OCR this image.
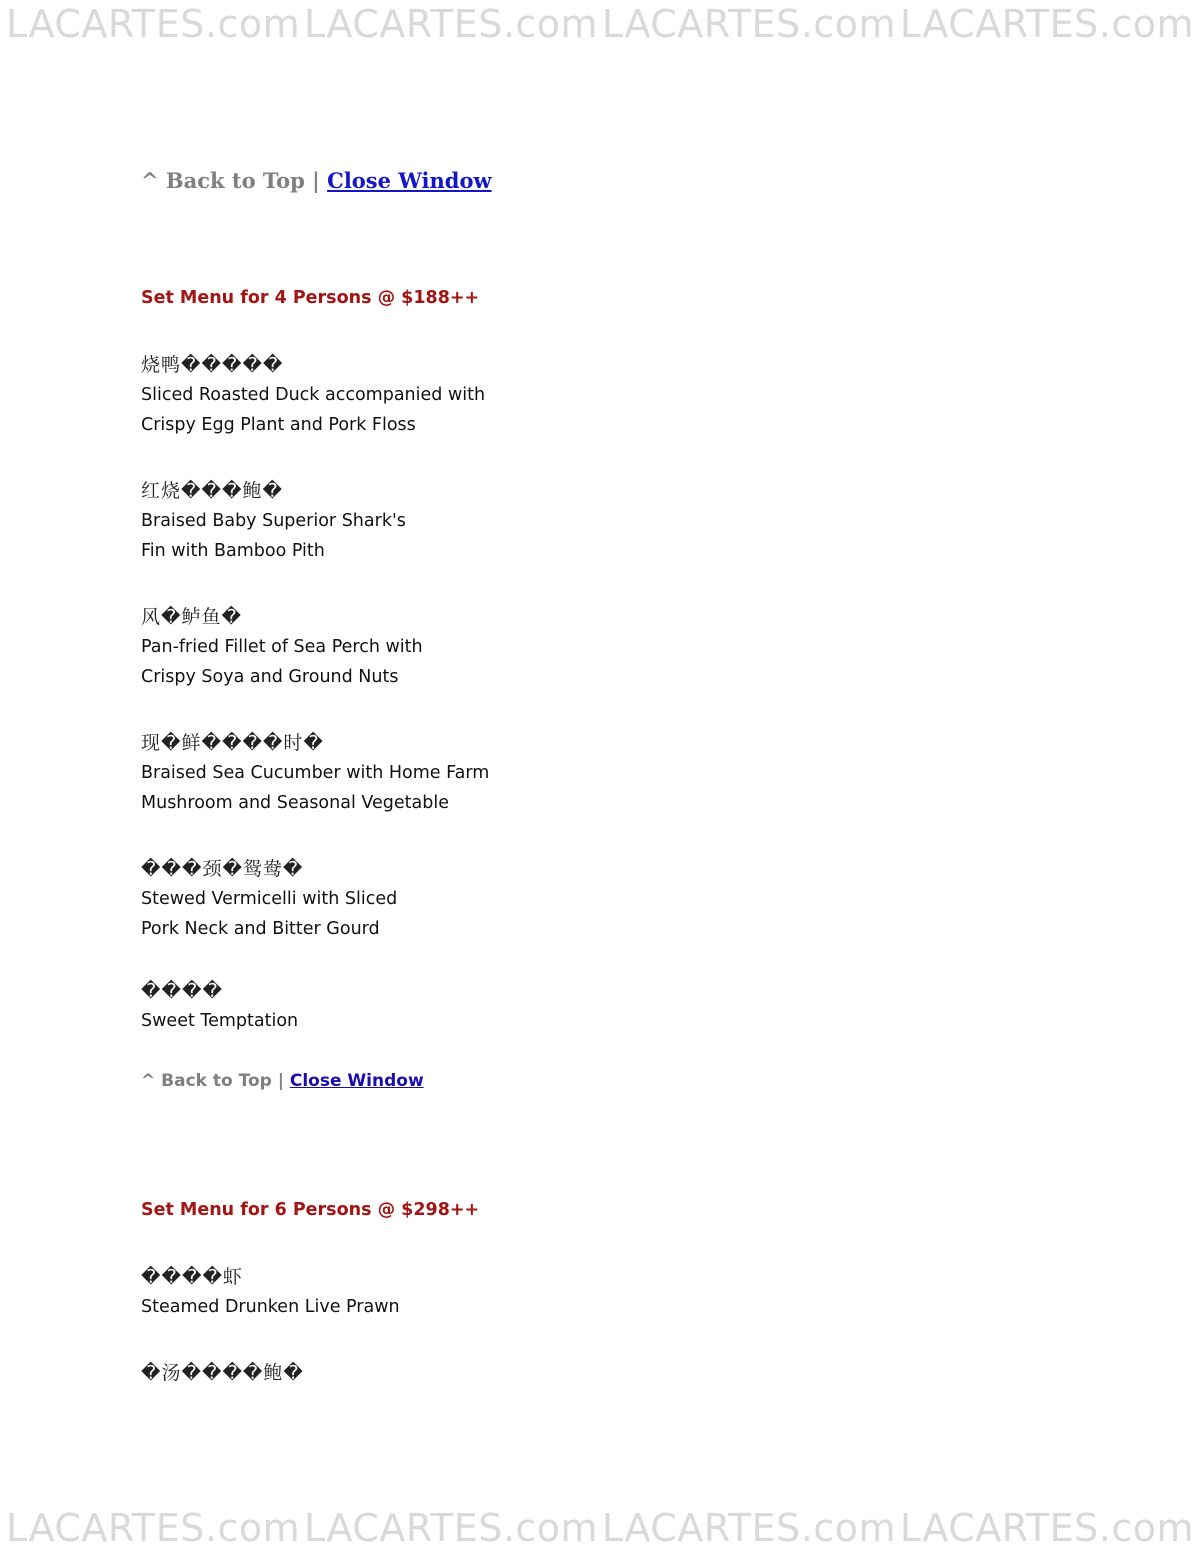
LACARTES.com LACARTES.com LACARTES.com LACARTES.com
LACARTES.com LACARTES.com LACARTES.com LACARTES.com
^ Back to Top | Close Window
Set Menu for 4 Persons @ $188++
烧鸭�����
Sliced Roasted Duck accompanied with
Crispy Egg Plant and Pork Floss
红烧���鲍�
Braised Baby Superior Shark's
Fin with Bamboo Pith
风�鲈鱼�
Pan-fried Fillet of Sea Perch with
Crispy Soya and Ground Nuts
现�鲜����时�
Braised Sea Cucumber with Home Farm
Mushroom and Seasonal Vegetable
���颈�鸳鸯�
Stewed Vermicelli with Sliced
Pork Neck and Bitter Gourd
����
Sweet Temptation
^ Back to Top | Close Window
Set Menu for 6 Persons @ $298++
����虾
Steamed Drunken Live Prawn
�汤����鲍�
